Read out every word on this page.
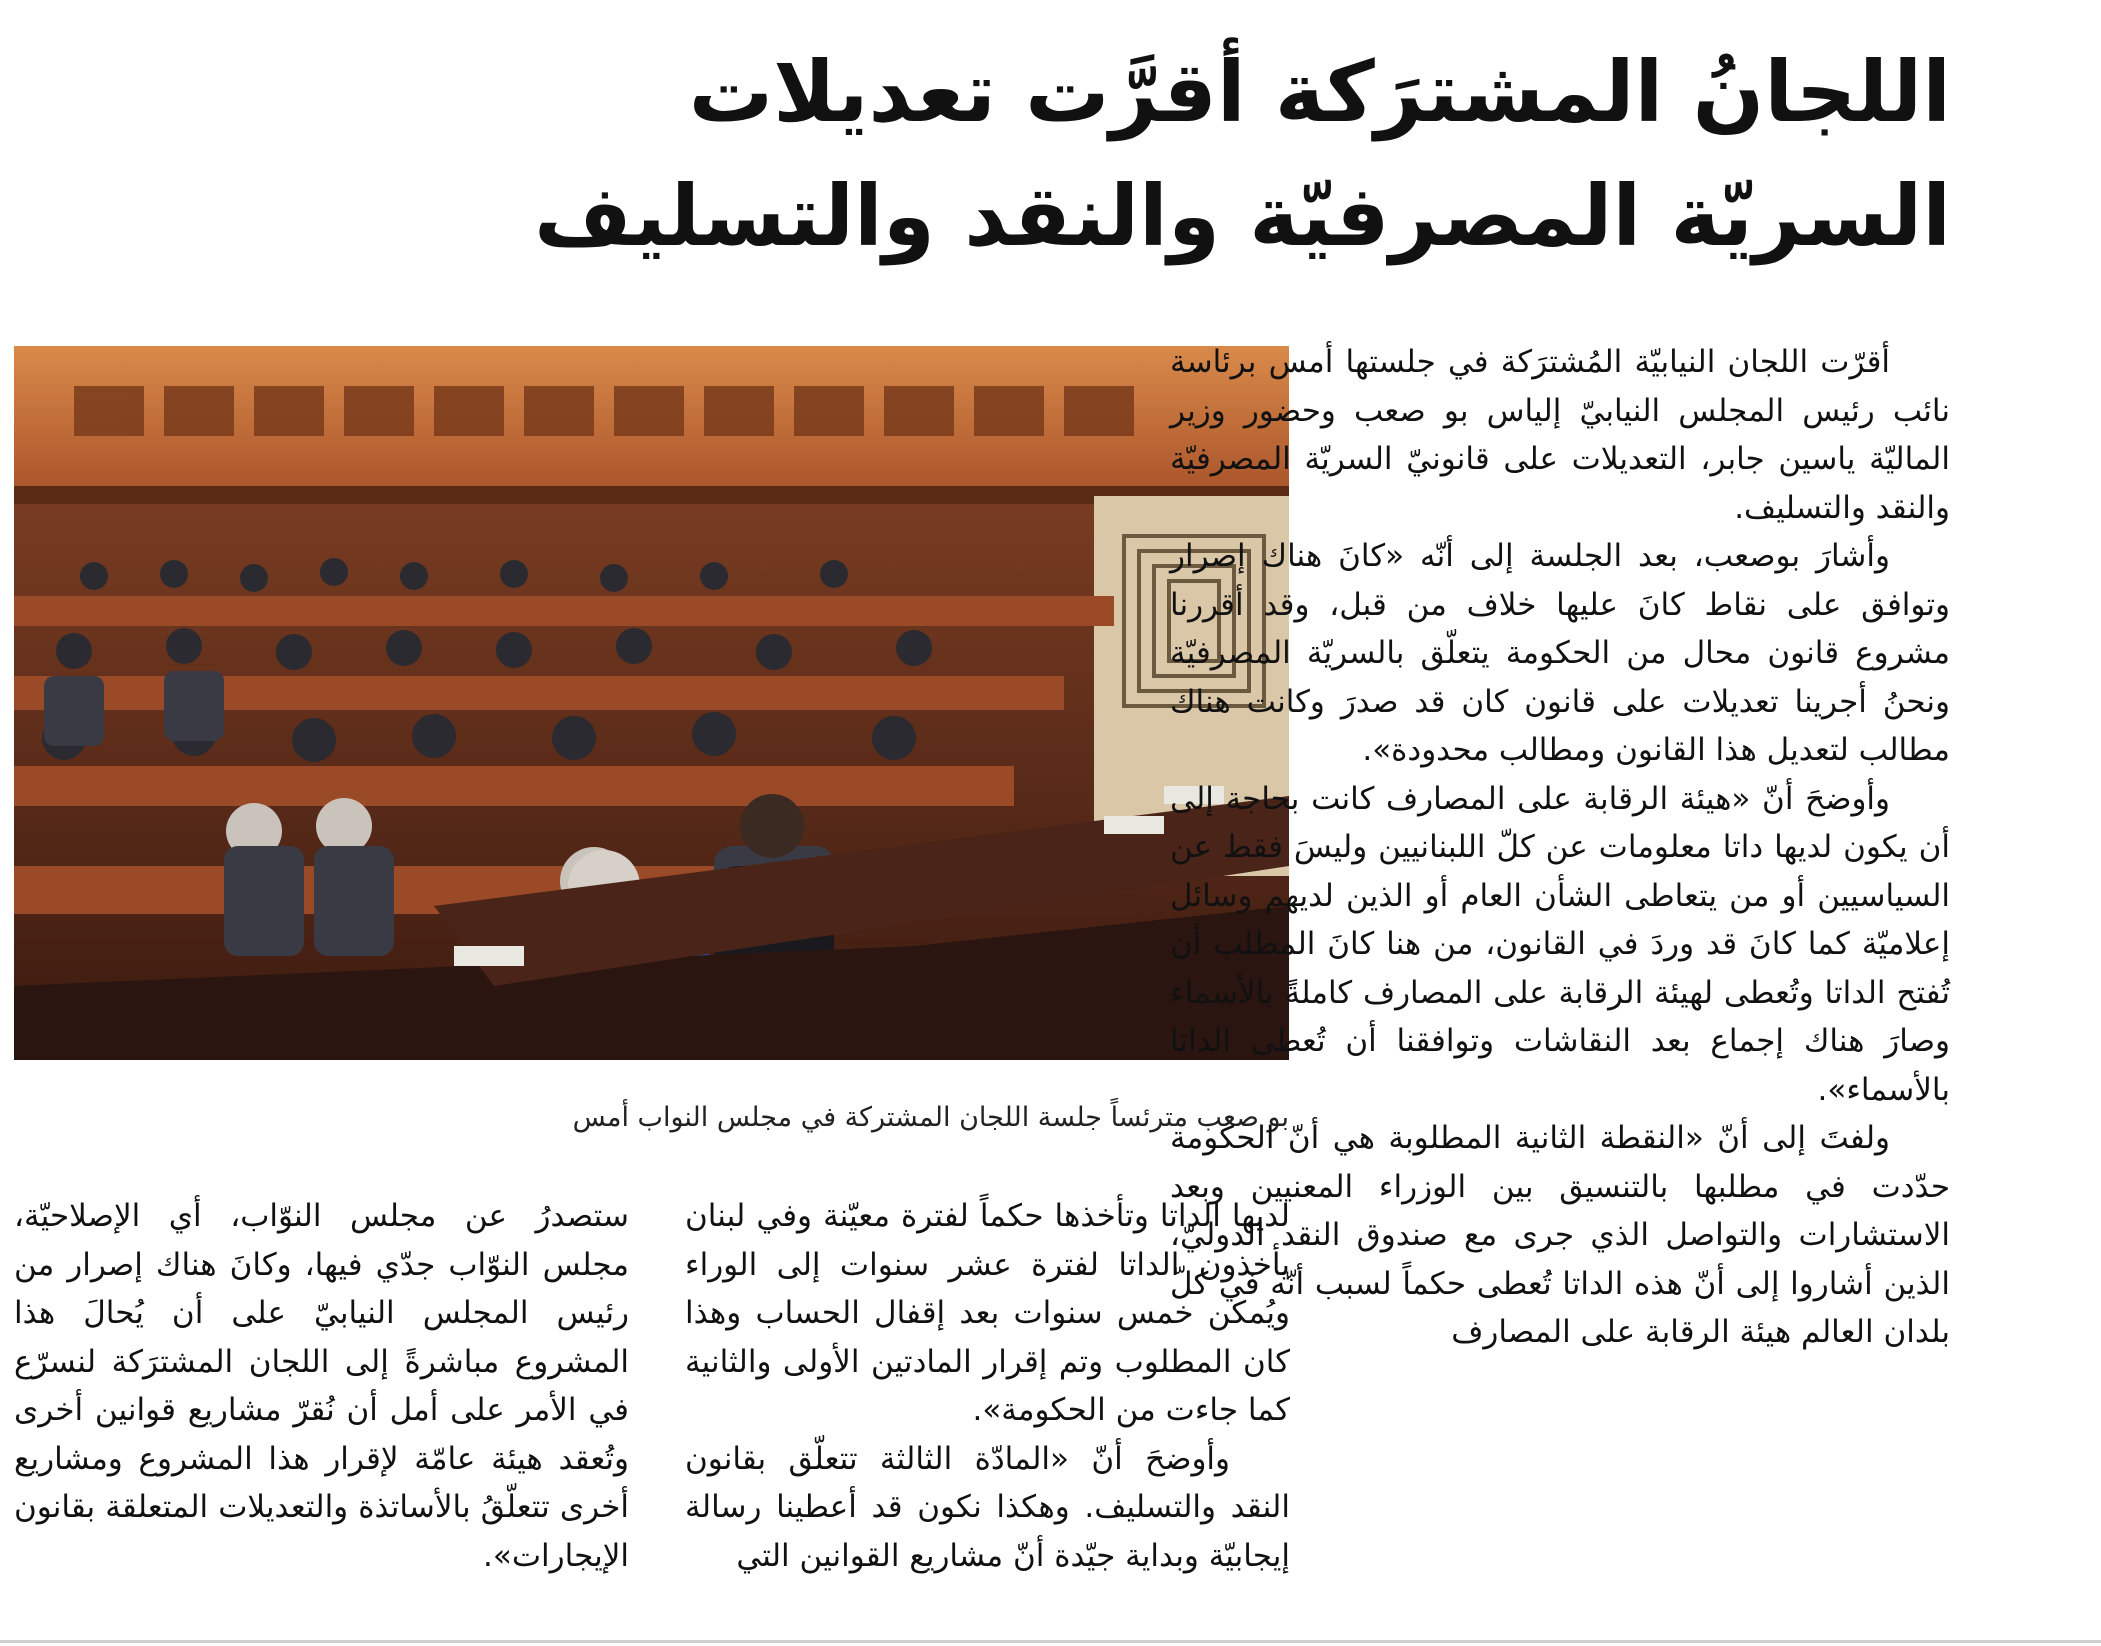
اللجانُ المشترَكة أقرَّت تعديلات
السريّة المصرفيّة والنقد والتسليف
بو صعب مترئساً جلسة اللجان المشتركة في مجلس النواب أمس

أقرّت اللجان النيابيّة المُشترَكة في جلستها أمس برئاسة نائب رئيس المجلس النيابيّ إلياس بو صعب وحضور وزير الماليّة ياسين جابر، التعديلات على قانونيّ السريّة المصرفيّة والنقد والتسليف.

وأشارَ بوصعب، بعد الجلسة إلى أنّه «كانَ هناك إصرار وتوافق على نقاط كانَ عليها خلاف من قبل، وقد أقررنا مشروع قانون محال من الحكومة يتعلّق بالسريّة المصرفيّة ونحنُ أجرينا تعديلات على قانون كان قد صدرَ وكانت هناك مطالب لتعديل هذا القانون ومطالب محدودة».

وأوضحَ أنّ «هيئة الرقابة على المصارف كانت بحاجة إلى أن يكون لديها داتا معلومات عن كلّ اللبنانيين وليسَ فقط عن السياسيين أو من يتعاطى الشأن العام أو الذين لديهم وسائل إعلاميّة كما كانَ قد وردَ في القانون، من هنا كانَ المطلب أن تُفتح الداتا وتُعطى لهيئة الرقابة على المصارف كاملةً بالأسماء وصارَ هناك إجماع بعد النقاشات وتوافقنا أن تُعطى الداتا بالأسماء».

ولفتَ إلى أنّ «النقطة الثانية المطلوبة هي أنّ الحكومة حدّدت في مطلبها بالتنسيق بين الوزراء المعنيين وبعد الاستشارات والتواصل الذي جرى مع صندوق النقد الدوليّ، الذين أشاروا إلى أنّ هذه الداتا تُعطى حكماً لسبب أنّه في كلّ بلدان العالم هيئة الرقابة على المصارف

لديها الداتا وتأخذها حكماً لفترة معيّنة وفي لبنان يأخذون الداتا لفترة عشر سنوات إلى الوراء ويُمكن خمس سنوات بعد إقفال الحساب وهذا كان المطلوب وتم إقرار المادتين الأولى والثانية كما جاءت من الحكومة».

وأوضحَ أنّ «المادّة الثالثة تتعلّق بقانون النقد والتسليف. وهكذا نكون قد أعطينا رسالة إيجابيّة وبداية جيّدة أنّ مشاريع القوانين التي

ستصدرُ عن مجلس النوّاب، أي الإصلاحيّة، مجلس النوّاب جدّي فيها، وكانَ هناك إصرار من رئيس المجلس النيابيّ على أن يُحالَ هذا المشروع مباشرةً إلى اللجان المشترَكة لنسرّع في الأمر على أمل أن نُقرّ مشاريع قوانين أخرى وتُعقد هيئة عامّة لإقرار هذا المشروع ومشاريع أخرى تتعلّقُ بالأساتذة والتعديلات المتعلقة بقانون الإيجارات».
